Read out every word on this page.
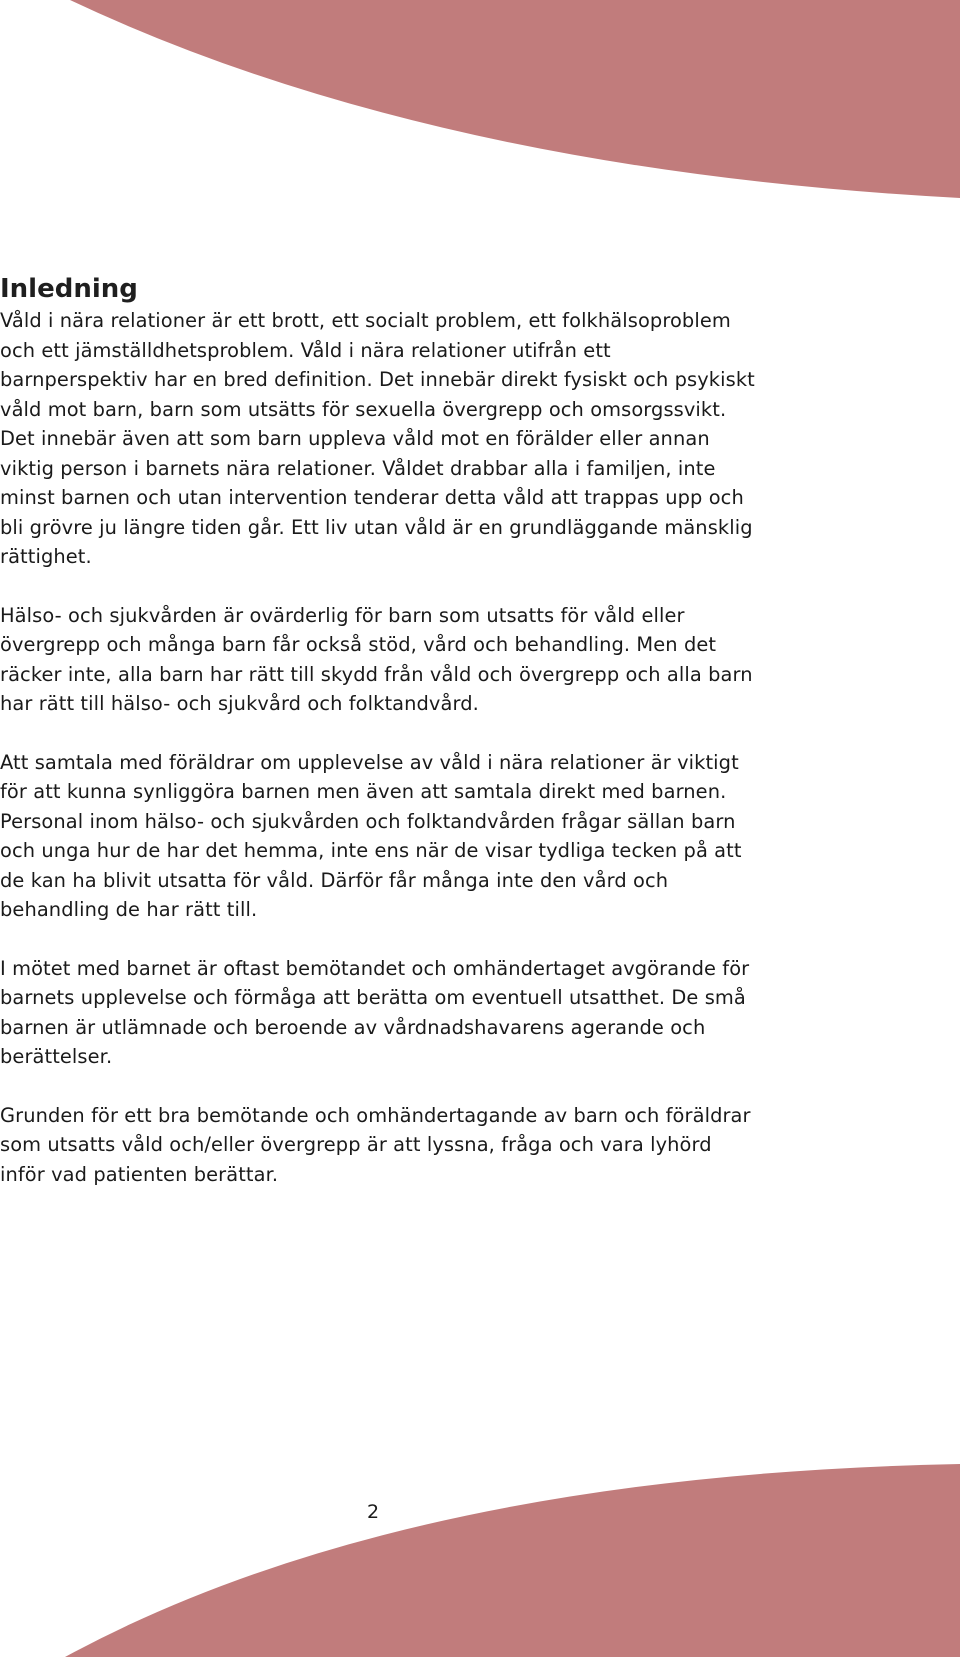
Inledning

Våld i nära relationer är ett brott, ett socialt problem, ett folkhälsoproblem och ett jämställdhetsproblem. Våld i nära relationer utifrån ett barnperspektiv har en bred definition. Det innebär direkt fysiskt och psykiskt våld mot barn, barn som utsätts för sexuella övergrepp och omsorgssvikt. Det innebär även att som barn uppleva våld mot en förälder eller annan viktig person i barnets nära relationer. Våldet drabbar alla i familjen, inte minst barnen och utan intervention tenderar detta våld att trappas upp och bli grövre ju längre tiden går. Ett liv utan våld är en grundläggande mänsklig rättighet.

Hälso- och sjukvården är ovärderlig för barn som utsatts för våld eller övergrepp och många barn får också stöd, vård och behandling. Men det räcker inte, alla barn har rätt till skydd från våld och övergrepp och alla barn har rätt till hälso- och sjukvård och folktandvård.

Att samtala med föräldrar om upplevelse av våld i nära relationer är viktigt för att kunna synliggöra barnen men även att samtala direkt med barnen. Personal inom hälso- och sjukvården och folktandvården frågar sällan barn och unga hur de har det hemma, inte ens när de visar tydliga tecken på att de kan ha blivit utsatta för våld. Därför får många inte den vård och behandling de har rätt till.

I mötet med barnet är oftast bemötandet och omhändertaget avgörande för barnets upplevelse och förmåga att berätta om eventuell utsatthet. De små barnen är utlämnade och beroende av vårdnadshavarens agerande och berättelser.

Grunden för ett bra bemötande och omhändertagande av barn och föräldrar som utsatts våld och/eller övergrepp är att lyssna, fråga och vara lyhörd inför vad patienten berättar.

2
